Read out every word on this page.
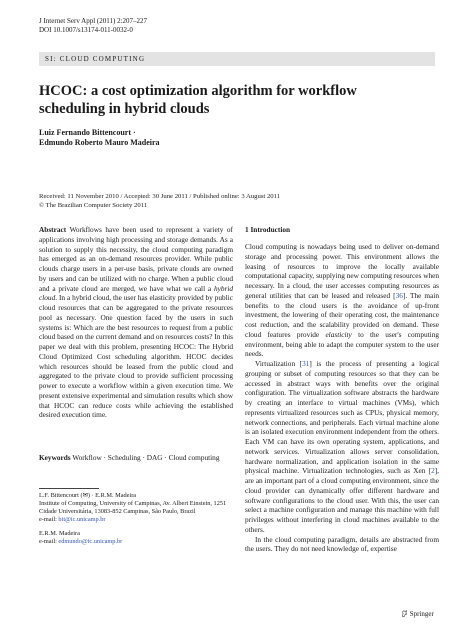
J Internet Serv Appl (2011) 2:207–227
DOI 10.1007/s13174-011-0032-0
SI: CLOUD COMPUTING
HCOC: a cost optimization algorithm for workflow scheduling in hybrid clouds
Luiz Fernando Bittencourt ·
Edmundo Roberto Mauro Madeira
Received: 11 November 2010 / Accepted: 30 June 2011 / Published online: 3 August 2011
© The Brazilian Computer Society 2011
Abstract Workflows have been used to represent a variety of applications involving high processing and storage demands. As a solution to supply this necessity, the cloud computing paradigm has emerged as an on-demand resources provider. While public clouds charge users in a per-use basis, private clouds are owned by users and can be utilized with no charge. When a public cloud and a private cloud are merged, we have what we call a hybrid cloud. In a hybrid cloud, the user has elasticity provided by public cloud resources that can be aggregated to the private resources pool as necessary. One question faced by the users in such systems is: Which are the best resources to request from a public cloud based on the current demand and on resources costs? In this paper we deal with this problem, presenting HCOC: The Hybrid Cloud Optimized Cost scheduling algorithm. HCOC decides which resources should be leased from the public cloud and aggregated to the private cloud to provide sufficient processing power to execute a workflow within a given execution time. We present extensive experimental and simulation results which show that HCOC can reduce costs while achieving the established desired execution time.
Keywords Workflow · Scheduling · DAG · Cloud computing
L.F. Bittencourt (✉) · E.R.M. Madeira
Institute of Computing, University of Campinas, Av. Albert Einstein, 1251 Cidade Universitária, 13083-852 Campinas, São Paulo, Brazil
e-mail: bit@ic.unicamp.br
E.R.M. Madeira
e-mail: edmundo@ic.unicamp.br
1 Introduction

Cloud computing is nowadays being used to deliver on-demand storage and processing power. This environment allows the leasing of resources to improve the locally available computational capacity, supplying new computing resources when necessary. In a cloud, the user accesses computing resources as general utilities that can be leased and released [36]. The main benefits to the cloud users is the avoidance of up-front investment, the lowering of their operating cost, the maintenance cost reduction, and the scalability provided on demand. These cloud features provide elasticity to the user's computing environment, being able to adapt the computer system to the user needs.

Virtualization [31] is the process of presenting a logical grouping or subset of computing resources so that they can be accessed in abstract ways with benefits over the original configuration. The virtualization software abstracts the hardware by creating an interface to virtual machines (VMs), which represents virtualized resources such as CPUs, physical memory, network connections, and peripherals. Each virtual machine alone is an isolated execution environment independent from the others. Each VM can have its own operating system, applications, and network services. Virtualization allows server consolidation, hardware normalization, and application isolation in the same physical machine. Virtualization technologies, such as Xen [2], are an important part of a cloud computing environment, since the cloud provider can dynamically offer different hardware and software configurations to the cloud user. With this, the user can select a machine configuration and manage this machine with full privileges without interfering in cloud machines available to the others.

In the cloud computing paradigm, details are abstracted from the users. They do not need knowledge of, expertise

Springer
